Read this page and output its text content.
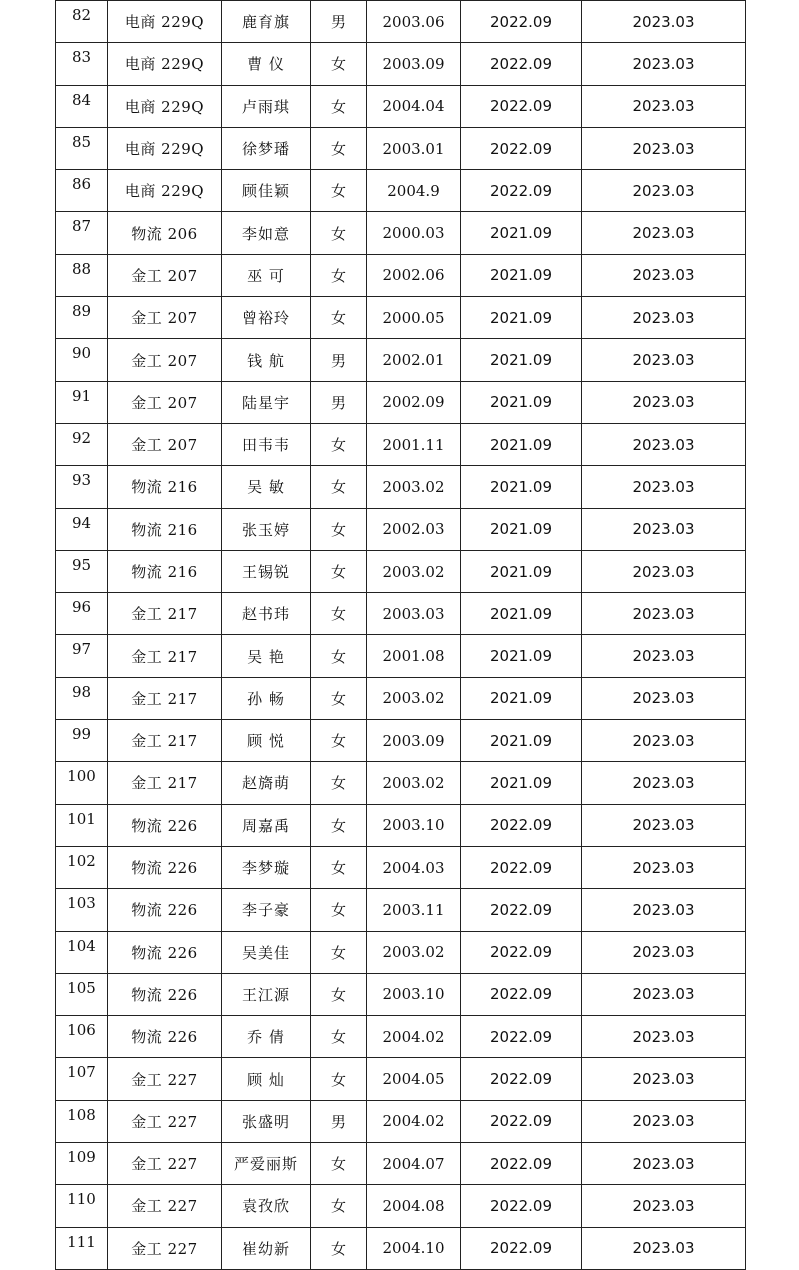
82	电商 229Q	鹿育旗	男	2003.06	2022.09	2023.03
83	电商 229Q	曹 仪	女	2003.09	2022.09	2023.03
84	电商 229Q	卢雨琪	女	2004.04	2022.09	2023.03
85	电商 229Q	徐梦璠	女	2003.01	2022.09	2023.03
86	电商 229Q	顾佳颖	女	2004.9	2022.09	2023.03
87	物流 206	李如意	女	2000.03	2021.09	2023.03
88	金工 207	巫 可	女	2002.06	2021.09	2023.03
89	金工 207	曾裕玲	女	2000.05	2021.09	2023.03
90	金工 207	钱 航	男	2002.01	2021.09	2023.03
91	金工 207	陆星宇	男	2002.09	2021.09	2023.03
92	金工 207	田韦韦	女	2001.11	2021.09	2023.03
93	物流 216	吴 敏	女	2003.02	2021.09	2023.03
94	物流 216	张玉婷	女	2002.03	2021.09	2023.03
95	物流 216	王锡锐	女	2003.02	2021.09	2023.03
96	金工 217	赵书玮	女	2003.03	2021.09	2023.03
97	金工 217	吴 艳	女	2001.08	2021.09	2023.03
98	金工 217	孙 畅	女	2003.02	2021.09	2023.03
99	金工 217	顾 悦	女	2003.09	2021.09	2023.03
100	金工 217	赵旖萌	女	2003.02	2021.09	2023.03
101	物流 226	周嘉禹	女	2003.10	2022.09	2023.03
102	物流 226	李梦璇	女	2004.03	2022.09	2023.03
103	物流 226	李子豪	女	2003.11	2022.09	2023.03
104	物流 226	吴美佳	女	2003.02	2022.09	2023.03
105	物流 226	王江源	女	2003.10	2022.09	2023.03
106	物流 226	乔 倩	女	2004.02	2022.09	2023.03
107	金工 227	顾 灿	女	2004.05	2022.09	2023.03
108	金工 227	张盛明	男	2004.02	2022.09	2023.03
109	金工 227	严爱丽斯	女	2004.07	2022.09	2023.03
110	金工 227	袁孜欣	女	2004.08	2022.09	2023.03
111	金工 227	崔幼新	女	2004.10	2022.09	2023.03
